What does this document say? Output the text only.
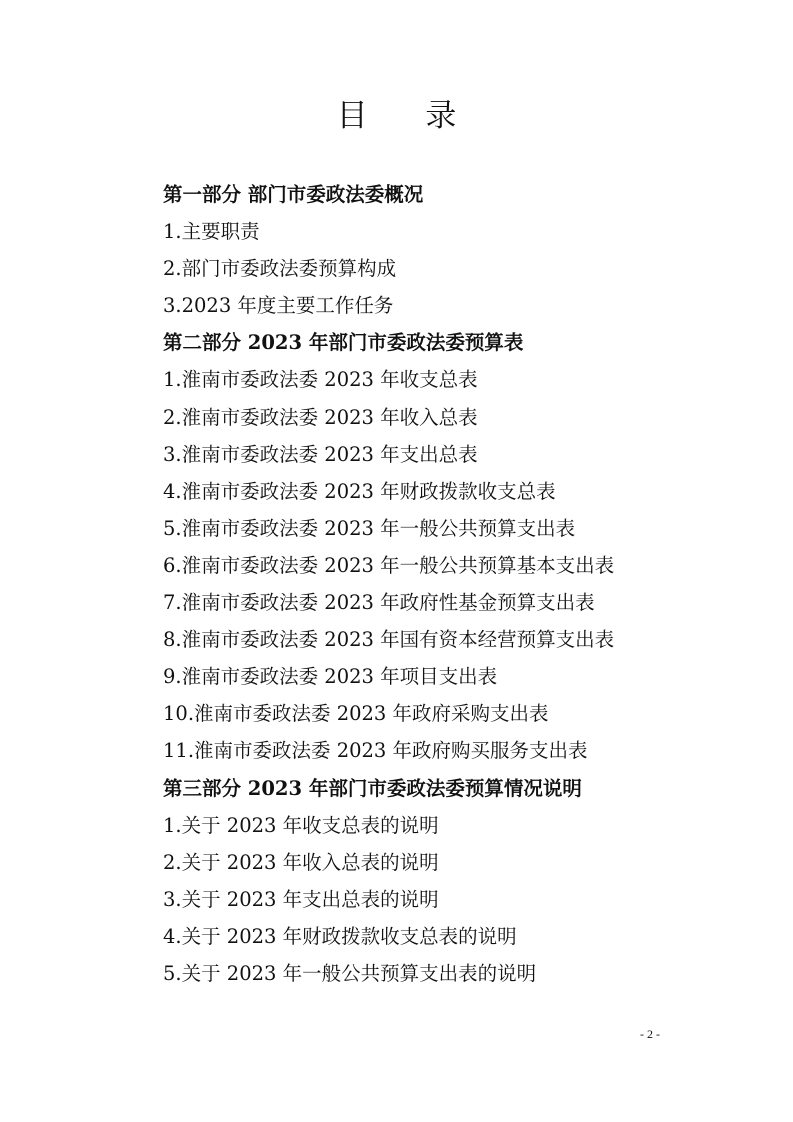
目 录
第一部分 部门市委政法委概况
1.主要职责
2.部门市委政法委预算构成
3.2023 年度主要工作任务
第二部分 2023 年部门市委政法委预算表
1.淮南市委政法委 2023 年收支总表
2.淮南市委政法委 2023 年收入总表
3.淮南市委政法委 2023 年支出总表
4.淮南市委政法委 2023 年财政拨款收支总表
5.淮南市委政法委 2023 年一般公共预算支出表
6.淮南市委政法委 2023 年一般公共预算基本支出表
7.淮南市委政法委 2023 年政府性基金预算支出表
8.淮南市委政法委 2023 年国有资本经营预算支出表
9.淮南市委政法委 2023 年项目支出表
10.淮南市委政法委 2023 年政府采购支出表
11.淮南市委政法委 2023 年政府购买服务支出表
第三部分 2023 年部门市委政法委预算情况说明
1.关于 2023 年收支总表的说明
2.关于 2023 年收入总表的说明
3.关于 2023 年支出总表的说明
4.关于 2023 年财政拨款收支总表的说明
5.关于 2023 年一般公共预算支出表的说明
- 2 -
